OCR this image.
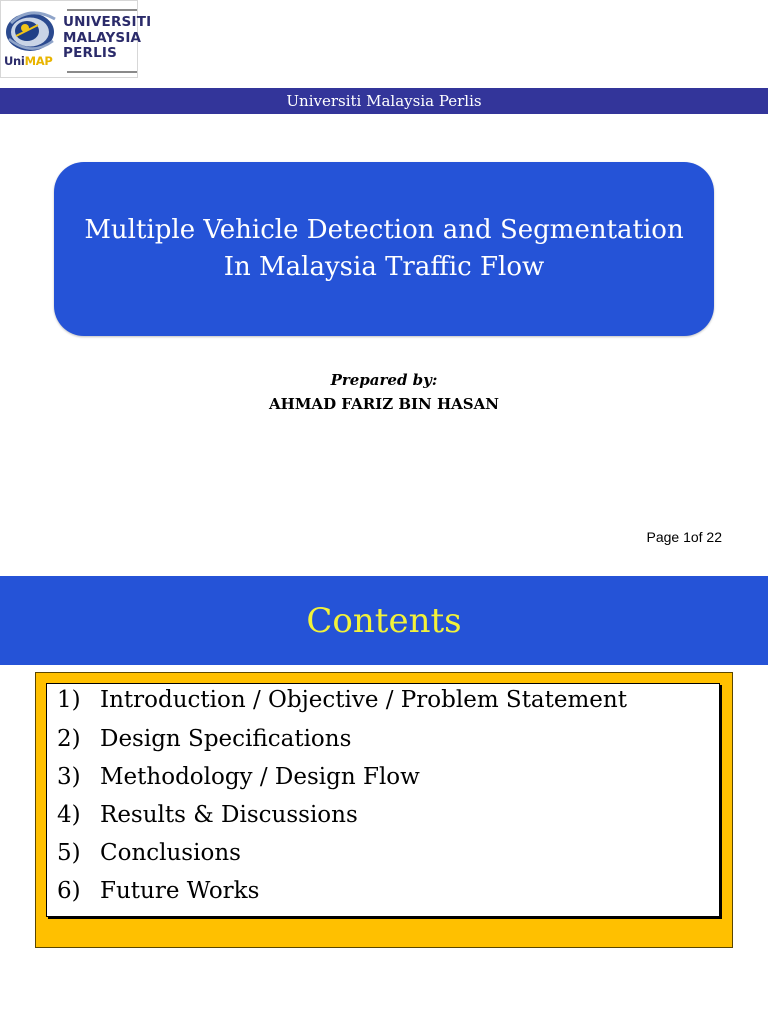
UNIVERSITI
MALAYSIA
PERLIS
UniMAP
Universiti Malaysia Perlis
Multiple Vehicle Detection and Segmentation
In Malaysia Traffic Flow
Prepared by:
AHMAD FARIZ BIN HASAN
Page 1of 22
Contents
1) Introduction / Objective / Problem Statement
2) Design Specifications
3) Methodology / Design Flow
4) Results & Discussions
5) Conclusions
6) Future Works
